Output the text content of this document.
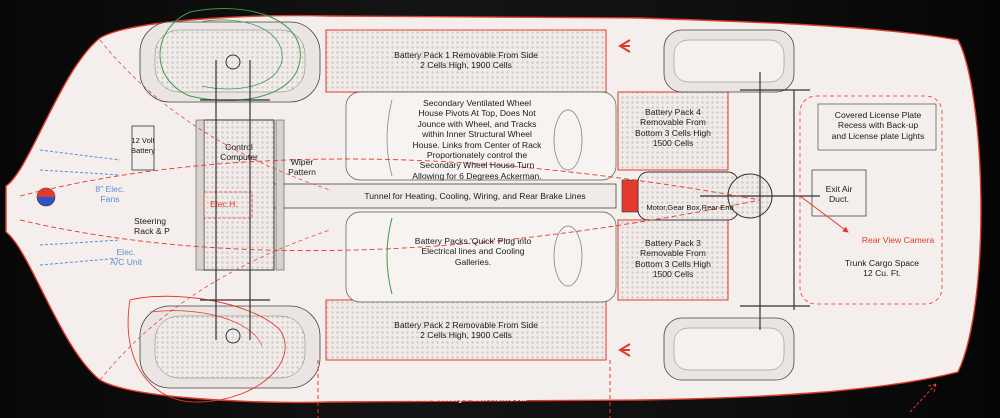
Battery Pack 1 Removable From Side
2 Cells High, 1900 Cells
Battery Pack 2 Removable From Side
2 Cells High, 1900 Cells
Battery Pack 4
Removable From
Bottom 3 Cells High
1500 Cells
Battery Pack 3
Removable From
Bottom 3 Cells High
1500 Cells
Secondary Ventilated Wheel
House Pivots At Top, Does Not
Jounce with Wheel, and Tracks
within Inner Structural Wheel
House. Links from Center of Rack
Proportionately control the
Secondary Wheel House Turn
Allowing for 6 Degrees Ackerman.
Tunnel for Heating, Cooling, Wiring, and Rear Brake Lines
Battery Packs 'Quick' Plug into
Electrical lines and Cooling
Galleries.
Motor,Gear Box,Rear End
Covered License Plate
Recess with Back-up
and License plate Lights
Exit Air
Duct.
Rear View Camera
Trunk Cargo Space
12 Cu. Ft.
Control
Computer	Wiper
Pattern
12 Volt
Battery
8" Elec.
Fans
Steering
Rack & P
Elec.H.
Elec.
A/C Unit
Lower Body Panel on Each Side Swings Upward to Allow
Side Battery Pack Removal
